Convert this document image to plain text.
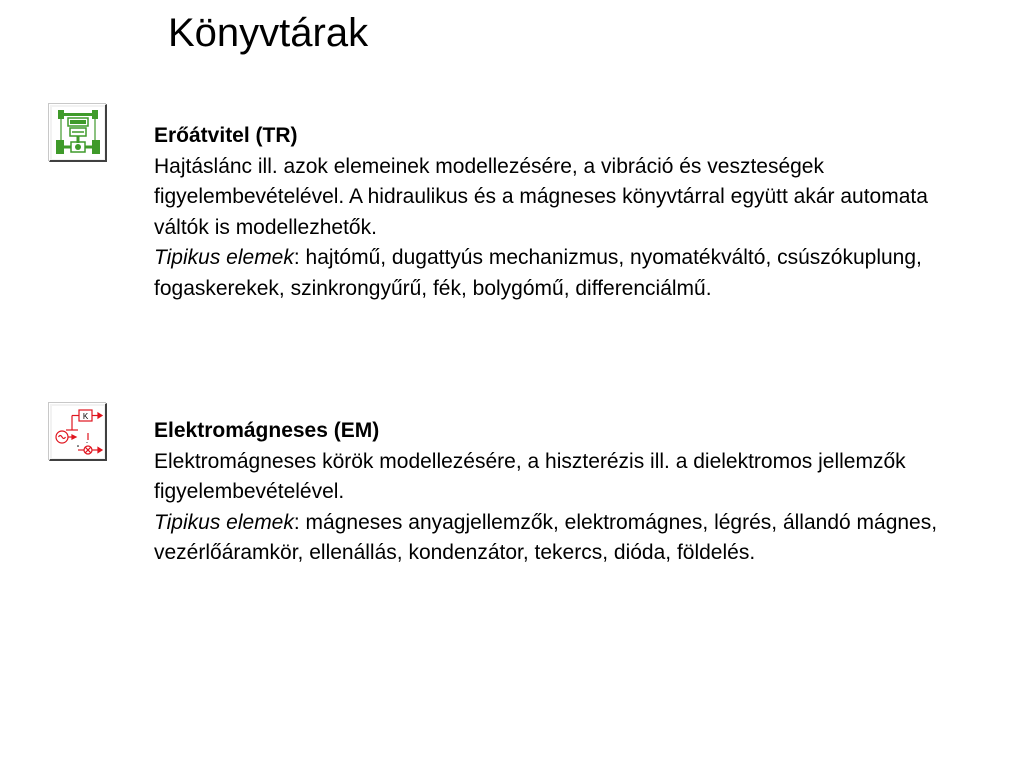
Könyvtárak
Erőátvitel (TR)
Hajtáslánc ill. azok elemeinek modellezésére, a vibráció és veszteségek figyelembevételével. A hidraulikus és a mágneses könyvtárral együtt akár automata váltók is modellezhetők.
Tipikus elemek: hajtómű, dugattyús mechanizmus, nyomatékváltó, csúszókuplung, fogaskerekek, szinkrongyűrű, fék, bolygómű, differenciálmű.
K
-
Elektromágneses (EM)
Elektromágneses körök modellezésére, a hiszterézis ill. a dielektromos jellemzők figyelembevételével.
Tipikus elemek: mágneses anyagjellemzők, elektromágnes, légrés, állandó mágnes, vezérlőáramkör, ellenállás, kondenzátor, tekercs, dióda, földelés.
